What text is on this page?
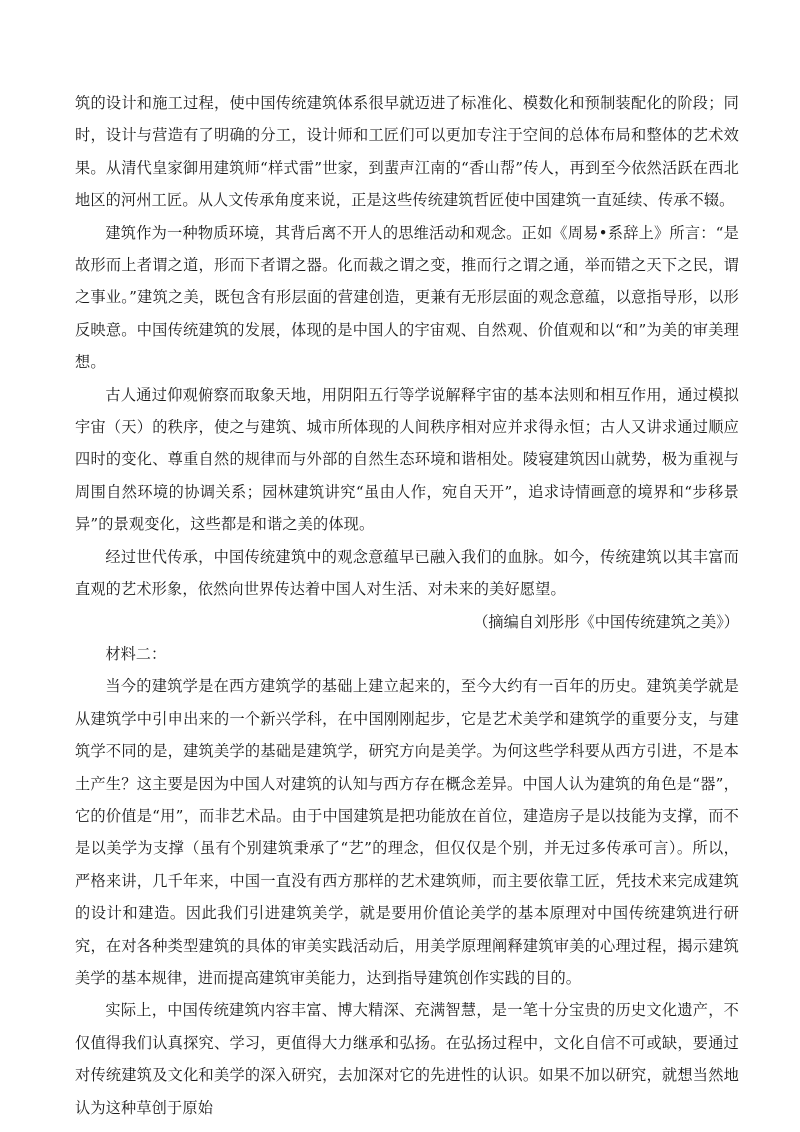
筑的设计和施工过程，使中国传统建筑体系很早就迈进了标准化、模数化和预制装配化的阶段；同时，设计与营造有了明确的分工，设计师和工匠们可以更加专注于空间的总体布局和整体的艺术效果。从清代皇家御用建筑师“样式雷”世家，到蜚声江南的“香山帮”传人，再到至今依然活跃在西北地区的河州工匠。从人文传承角度来说，正是这些传统建筑哲匠使中国建筑一直延续、传承不辍。

建筑作为一种物质环境，其背后离不开人的思维活动和观念。正如《周易•系辞上》所言：“是故形而上者谓之道，形而下者谓之器。化而裁之谓之变，推而行之谓之通，举而错之天下之民，谓之事业。”建筑之美，既包含有形层面的营建创造，更兼有无形层面的观念意蕴，以意指导形，以形反映意。中国传统建筑的发展，体现的是中国人的宇宙观、自然观、价值观和以“和”为美的审美理想。

古人通过仰观俯察而取象天地，用阴阳五行等学说解释宇宙的基本法则和相互作用，通过模拟宇宙（天）的秩序，使之与建筑、城市所体现的人间秩序相对应并求得永恒；古人又讲求通过顺应四时的变化、尊重自然的规律而与外部的自然生态环境和谐相处。陵寝建筑因山就势，极为重视与周围自然环境的协调关系；园林建筑讲究“虽由人作，宛自天开”，追求诗情画意的境界和“步移景异”的景观变化，这些都是和谐之美的体现。

经过世代传承，中国传统建筑中的观念意蕴早已融入我们的血脉。如今，传统建筑以其丰富而直观的艺术形象，依然向世界传达着中国人对生活、对未来的美好愿望。

（摘编自刘彤彤《中国传统建筑之美》）

材料二：

当今的建筑学是在西方建筑学的基础上建立起来的，至今大约有一百年的历史。建筑美学就是从建筑学中引申出来的一个新兴学科，在中国刚刚起步，它是艺术美学和建筑学的重要分支，与建筑学不同的是，建筑美学的基础是建筑学，研究方向是美学。为何这些学科要从西方引进，不是本土产生？这主要是因为中国人对建筑的认知与西方存在概念差异。中国人认为建筑的角色是“器”，它的价值是“用”，而非艺术品。由于中国建筑是把功能放在首位，建造房子是以技能为支撑，而不是以美学为支撑（虽有个别建筑秉承了“艺”的理念，但仅仅是个别，并无过多传承可言）。所以，严格来讲，几千年来，中国一直没有西方那样的艺术建筑师，而主要依靠工匠，凭技术来完成建筑的设计和建造。因此我们引进建筑美学，就是要用价值论美学的基本原理对中国传统建筑进行研究，在对各种类型建筑的具体的审美实践活动后，用美学原理阐释建筑审美的心理过程，揭示建筑美学的基本规律，进而提高建筑审美能力，达到指导建筑创作实践的目的。

实际上，中国传统建筑内容丰富、博大精深、充满智慧，是一笔十分宝贵的历史文化遗产，不仅值得我们认真探究、学习，更值得大力继承和弘扬。在弘扬过程中，文化自信不可或缺，要通过对传统建筑及文化和美学的深入研究，去加深对它的先进性的认识。如果不加以研究，就想当然地认为这种草创于原始
